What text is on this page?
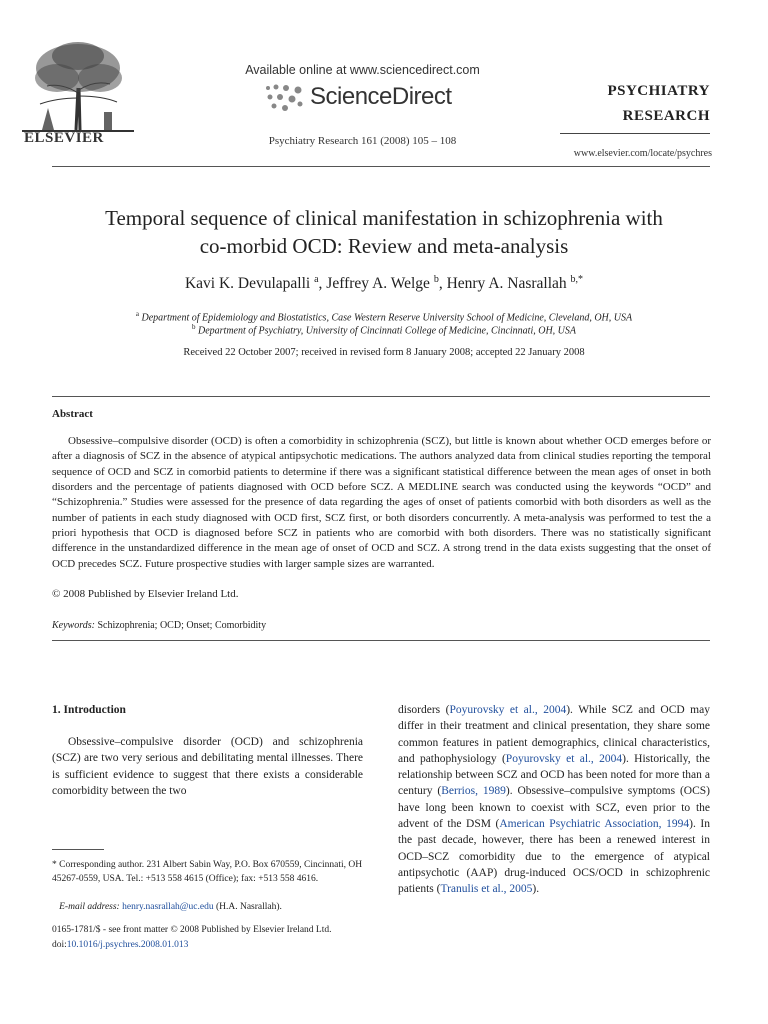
ELSEVIER
Available online at www.sciencedirect.com
ScienceDirect
Psychiatry Research 161 (2008) 105 – 108
PSYCHIATRY
RESEARCH
www.elsevier.com/locate/psychres
Temporal sequence of clinical manifestation in schizophrenia with
co-morbid OCD: Review and meta-analysis
Kavi K. Devulapalli $^a$, Jeffrey A. Welge $^b$, Henry A. Nasrallah $^{b,*}$
$^a$ Department of Epidemiology and Biostatistics, Case Western Reserve University School of Medicine, Cleveland, OH, USA
$^b$ Department of Psychiatry, University of Cincinnati College of Medicine, Cincinnati, OH, USA
Received 22 October 2007; received in revised form 8 January 2008; accepted 22 January 2008
Abstract
Obsessive–compulsive disorder (OCD) is often a comorbidity in schizophrenia (SCZ), but little is known about whether OCD emerges before or after a diagnosis of SCZ in the absence of atypical antipsychotic medications. The authors analyzed data from clinical studies reporting the temporal sequence of OCD and SCZ in comorbid patients to determine if there was a significant statistical difference between the mean ages of onset in both disorders and the percentage of patients diagnosed with OCD before SCZ. A MEDLINE search was conducted using the keywords “OCD” and “Schizophrenia.” Studies were assessed for the presence of data regarding the ages of onset of patients comorbid with both disorders as well as the number of patients in each study diagnosed with OCD first, SCZ first, or both disorders concurrently. A meta-analysis was performed to test the a priori hypothesis that OCD is diagnosed before SCZ in patients who are comorbid with both disorders. There was no statistically significant difference in the unstandardized difference in the mean age of onset of OCD and SCZ. A strong trend in the data exists suggesting that the onset of OCD precedes SCZ. Future prospective studies with larger sample sizes are warranted.
© 2008 Published by Elsevier Ireland Ltd.
Keywords: Schizophrenia; OCD; Onset; Comorbidity
1. Introduction
Obsessive–compulsive disorder (OCD) and schizophrenia (SCZ) are two very serious and debilitating mental illnesses. There is sufficient evidence to suggest that there exists a considerable comorbidity between the two
disorders (Poyurovsky et al., 2004). While SCZ and OCD may differ in their treatment and clinical presentation, they share some common features in patient demographics, clinical characteristics, and pathophysiology (Poyurovsky et al., 2004). Historically, the relationship between SCZ and OCD has been noted for more than a century (Berrios, 1989). Obsessive–compulsive symptoms (OCS) have long been known to coexist with SCZ, even prior to the advent of the DSM (American Psychiatric Association, 1994). In the past decade, however, there has been a renewed interest in OCD–SCZ comorbidity due to the emergence of atypical antipsychotic (AAP) drug-induced OCS/OCD in schizophrenic patients (Tranulis et al., 2005).
* Corresponding author. 231 Albert Sabin Way, P.O. Box 670559, Cincinnati, OH 45267-0559, USA. Tel.: +513 558 4615 (Office); fax: +513 558 4616.
E-mail address: henry.nasrallah@uc.edu (H.A. Nasrallah).
0165-1781/$ - see front matter © 2008 Published by Elsevier Ireland Ltd.
doi:10.1016/j.psychres.2008.01.013
